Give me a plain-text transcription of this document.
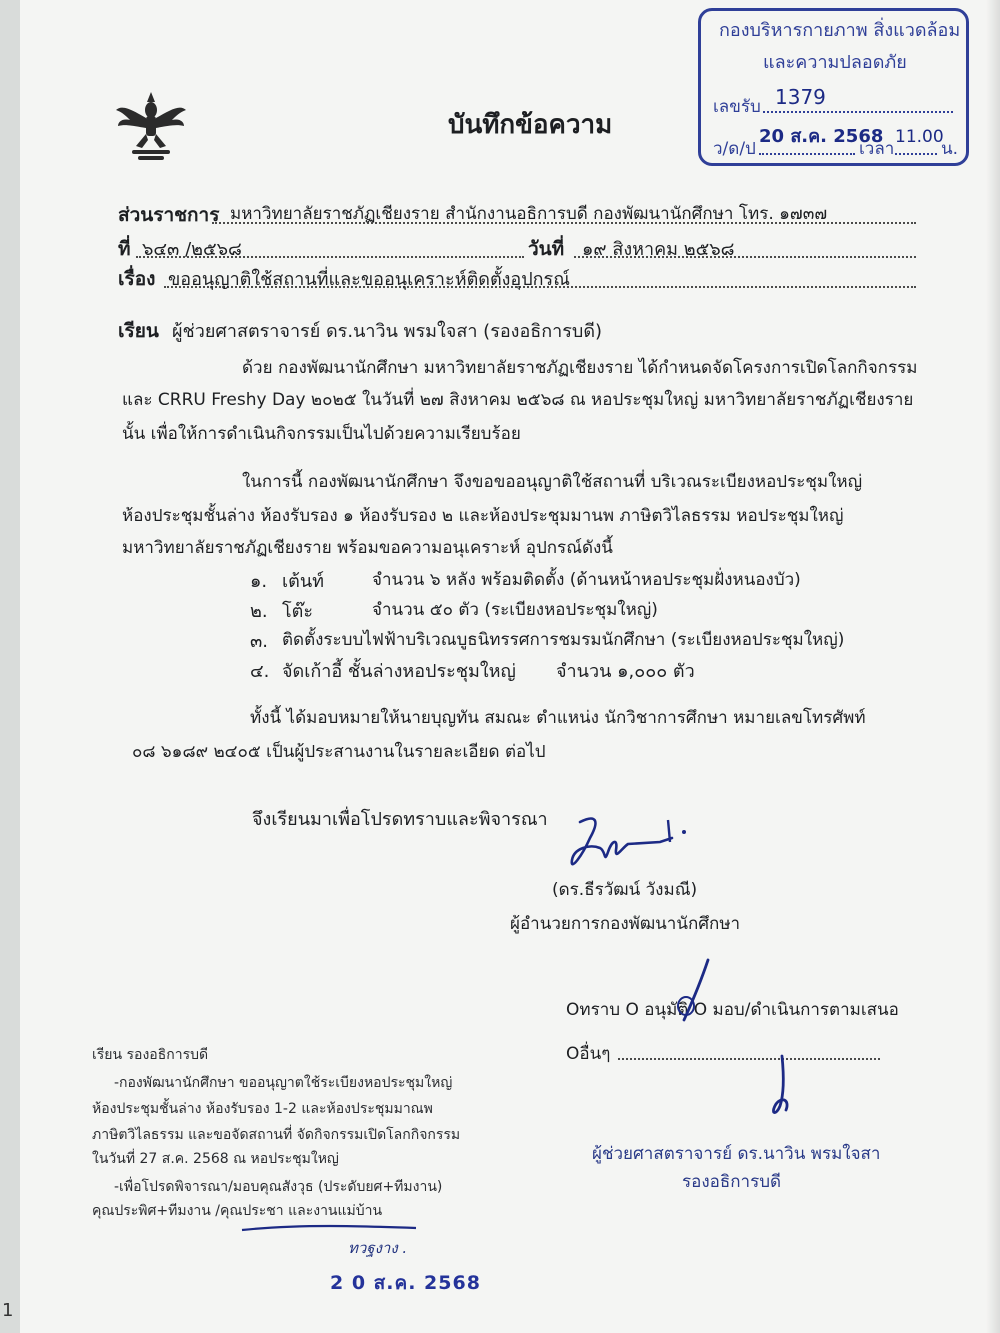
1
กองบริหารกายภาพ สิ่งแวดล้อม
และความปลอดภัย
เลขรับ 1379
ว/ด/ป
20 ส.ค. 2568
เวลา
11.00
น.
บันทึกข้อความ
ส่วนราชการ มหาวิทยาลัยราชภัฏเชียงราย สำนักงานอธิการบดี กองพัฒนานักศึกษา โทร. ๑๗๓๗
ที่ ๖๔๓ /๒๕๖๘	วันที่ ๑๙ สิงหาคม ๒๕๖๘
เรื่อง ขออนุญาติใช้สถานที่และขออนุเคราะห์ติดตั้งอุปกรณ์
เรียน ผู้ช่วยศาสตราจารย์ ดร.นาวิน พรมใจสา (รองอธิการบดี)
ด้วย กองพัฒนานักศึกษา มหาวิทยาลัยราชภัฏเชียงราย ได้กำหนดจัดโครงการเปิดโลกกิจกรรม
และ CRRU Freshy Day ๒๐๒๕ ในวันที่ ๒๗ สิงหาคม ๒๕๖๘ ณ หอประชุมใหญ่ มหาวิทยาลัยราชภัฏเชียงราย
นั้น เพื่อให้การดำเนินกิจกรรมเป็นไปด้วยความเรียบร้อย
ในการนี้ กองพัฒนานักศึกษา จึงขอขออนุญาติใช้สถานที่ บริเวณระเบียงหอประชุมใหญ่
ห้องประชุมชั้นล่าง ห้องรับรอง ๑ ห้องรับรอง ๒ และห้องประชุมมานพ ภาษิตวิไลธรรม หอประชุมใหญ่
มหาวิทยาลัยราชภัฏเชียงราย พร้อมขอความอนุเคราะห์ อุปกรณ์ดังนี้
๑. เต้นท์	จำนวน ๖ หลัง พร้อมติดตั้ง (ด้านหน้าหอประชุมฝั่งหนองบัว)
๒. โต๊ะ	จำนวน ๕๐ ตัว (ระเบียงหอประชุมใหญ่)
๓. ติดตั้งระบบไฟฟ้าบริเวณบูธนิทรรศการชมรมนักศึกษา (ระเบียงหอประชุมใหญ่)
๔. จัดเก้าอี้ ชั้นล่างหอประชุมใหญ่ จำนวน ๑,๐๐๐ ตัว
ทั้งนี้ ได้มอบหมายให้นายบุญทัน สมณะ ตำแหน่ง นักวิชาการศึกษา หมายเลขโทรศัพท์
๐๘ ๖๑๘๙ ๒๔๐๕ เป็นผู้ประสานงานในรายละเอียด ต่อไป
จึงเรียนมาเพื่อโปรดทราบและพิจารณา
(ดร.ธีรวัฒน์ วังมณี)
ผู้อำนวยการกองพัฒนานักศึกษา
Oทราบ O อนุมัติ O มอบ/ดำเนินการตามเสนอ
Oอื่นๆ
ผู้ช่วยศาสตราจารย์ ดร.นาวิน พรมใจสา
รองอธิการบดี
เรียน รองอธิการบดี
-กองพัฒนานักศึกษา ขออนุญาตใช้ระเบียงหอประชุมใหญ่
ห้องประชุมชั้นล่าง ห้องรับรอง 1-2 และห้องประชุมมาณพ
ภาษิตวิไลธรรม และขอจัดสถานที่ จัดกิจกรรมเปิดโลกกิจกรรม
ในวันที่ 27 ส.ค. 2568 ณ หอประชุมใหญ่
-เพื่อโปรดพิจารณา/มอบคุณสังวุธ (ประดับยศ+ทีมงาน)
คุณประพิศ+ทีมงาน /คุณประชา และงานแม่บ้าน
ทวฐงาง .
2 0 ส.ค. 2568
